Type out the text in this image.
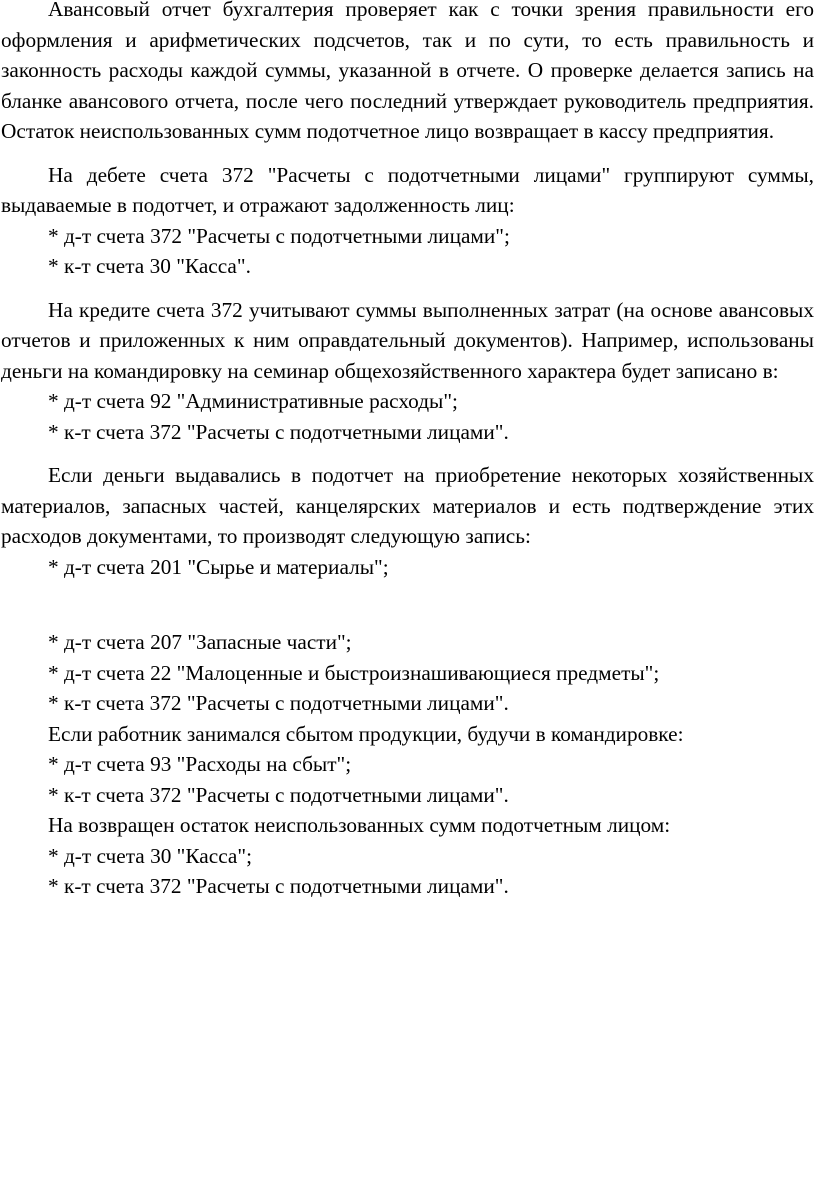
Авансовый отчет бухгалтерия проверяет как с точки зрения правильности его оформления и арифметических подсчетов, так и по сути, то есть правильность и законность расходы каждой суммы, указанной в отчете. О проверке делается запись на бланке авансового отчета, после чего последний утверждает руководитель предприятия. Остаток неиспользованных сумм подотчетное лицо возвращает в кассу предприятия.

На дебете счета 372 "Расчеты с подотчетными лицами" группируют суммы, выдаваемые в подотчет, и отражают задолженность лиц:

* д-т счета 372 "Расчеты с подотчетными лицами";

* к-т счета 30 "Касса".

На кредите счета 372 учитывают суммы выполненных затрат (на основе авансовых отчетов и приложенных к ним оправдательный документов). Например, использованы деньги на командировку на семинар общехозяйственного характера будет записано в:

* д-т счета 92 "Административные расходы";

* к-т счета 372 "Расчеты с подотчетными лицами".

Если деньги выдавались в подотчет на приобретение некоторых хозяйственных материалов, запасных частей, канцелярских материалов и есть подтверждение этих расходов документами, то производят следующую запись:

* д-т счета 201 "Сырье и материалы";

* д-т счета 207 "Запасные части";

* д-т счета 22 "Малоценные и быстроизнашивающиеся предметы";

* к-т счета 372 "Расчеты с подотчетными лицами".

Если работник занимался сбытом продукции, будучи в командировке:

* д-т счета 93 "Расходы на сбыт";

* к-т счета 372 "Расчеты с подотчетными лицами".

На возвращен остаток неиспользованных сумм подотчетным лицом:

* д-т счета 30 "Касса";

* к-т счета 372 "Расчеты с подотчетными лицами".
